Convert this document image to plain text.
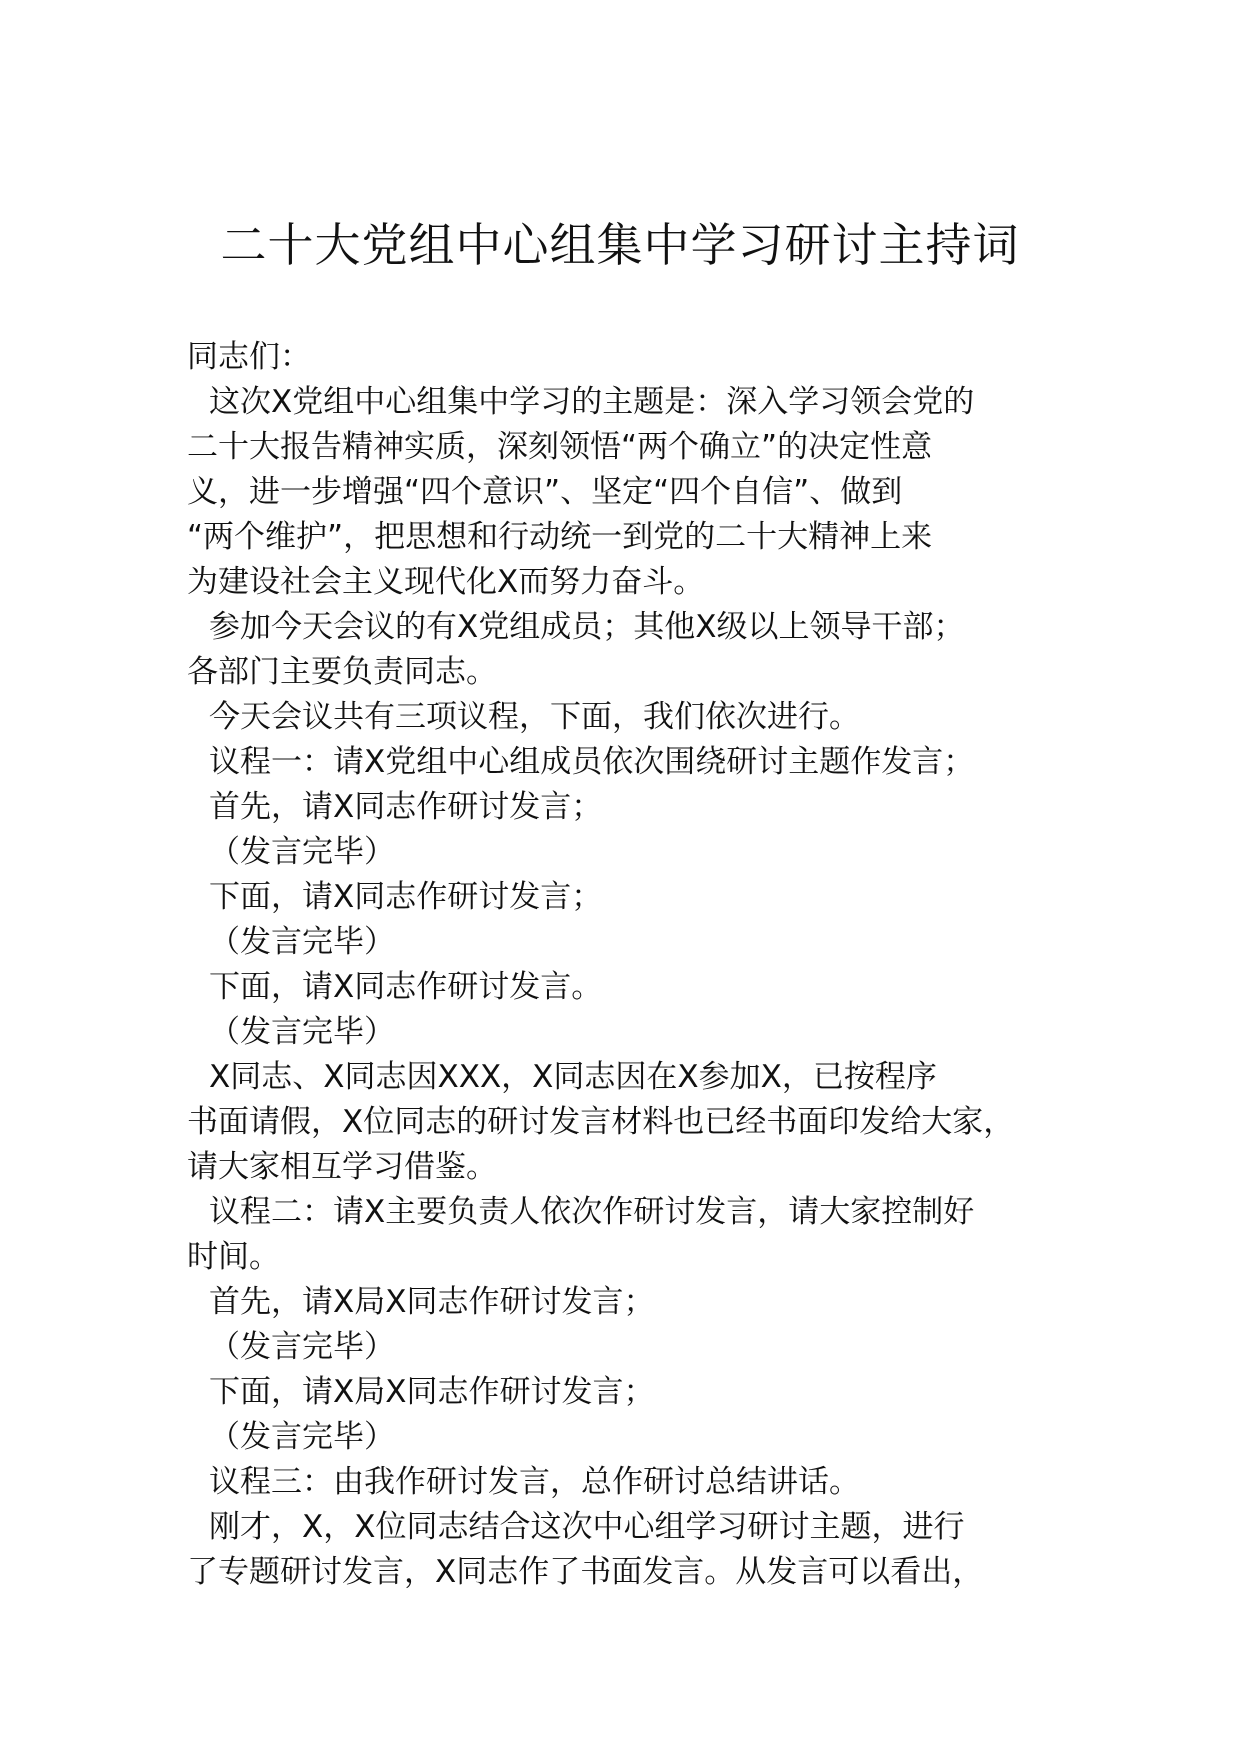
二十大党组中心组集中学习研讨主持词
同志们：
这次X党组中心组集中学习的主题是：深入学习领会党的
二十大报告精神实质，深刻领悟“两个确立”的决定性意
义，进一步增强“四个意识”、坚定“四个自信”、做到
“两个维护”，把思想和行动统一到党的二十大精神上来
为建设社会主义现代化X而努力奋斗。
参加今天会议的有X党组成员；其他X级以上领导干部；
各部门主要负责同志。
今天会议共有三项议程，下面，我们依次进行。
议程一：请X党组中心组成员依次围绕研讨主题作发言；
首先，请X同志作研讨发言；
（发言完毕）
下面，请X同志作研讨发言；
（发言完毕）
下面，请X同志作研讨发言。
（发言完毕）
X同志、X同志因XXX，X同志因在X参加X，已按程序
书面请假，X位同志的研讨发言材料也已经书面印发给大家，
请大家相互学习借鉴。
议程二：请X主要负责人依次作研讨发言，请大家控制好
时间。
首先，请X局X同志作研讨发言；
（发言完毕）
下面，请X局X同志作研讨发言；
（发言完毕）
议程三：由我作研讨发言，总作研讨总结讲话。
刚才，X，X位同志结合这次中心组学习研讨主题，进行
了专题研讨发言，X同志作了书面发言。从发言可以看出，
